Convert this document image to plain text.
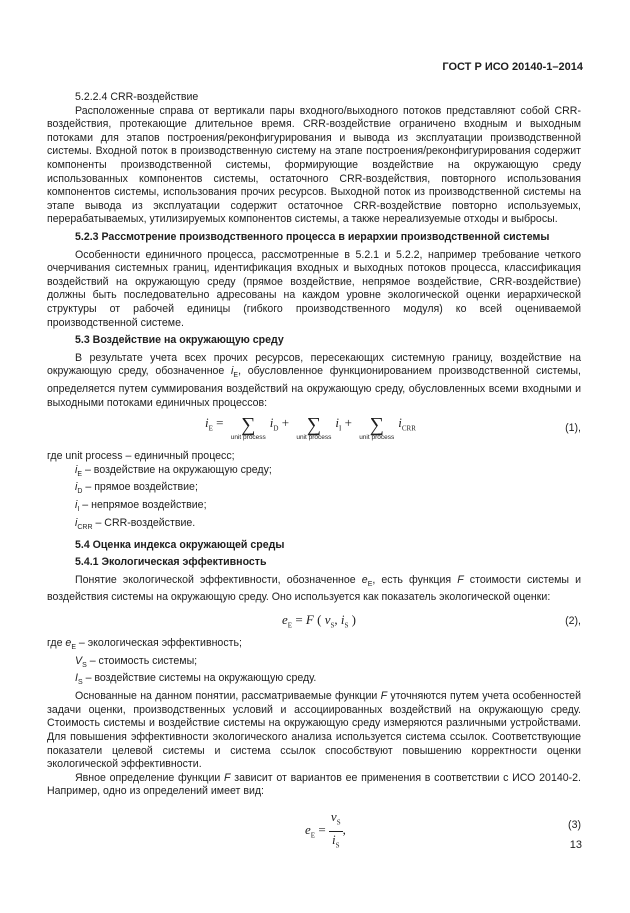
ГОСТ Р ИСО 20140-1–2014

5.2.2.4 CRR-воздействие

Расположенные справа от вертикали пары входного/выходного потоков представляют собой CRR-воздействия, протекающие длительное время. CRR-воздействие ограничено входным и выходным потоками для этапов построения/реконфигурирования и вывода из эксплуатации производственной системы. Входной поток в производственную систему на этапе построения/реконфигурирования содержит компоненты производственной системы, формирующие воздействие на окружающую среду использованных компонентов системы, остаточного CRR-воздействия, повторного использования компонентов системы, использования прочих ресурсов. Выходной поток из производственной системы на этапе вывода из эксплуатации содержит остаточное CRR-воздействие повторно используемых, перерабатываемых, утилизируемых компонентов системы, а также нереализуемые отходы и выбросы.

5.2.3 Рассмотрение производственного процесса в иерархии производственной системы

Особенности единичного процесса, рассмотренные в 5.2.1 и 5.2.2, например требование четкого очерчивания системных границ, идентификация входных и выходных потоков процесса, классификация воздействий на окружающую среду (прямое воздействие, непрямое воздействие, CRR-воздействие) должны быть последовательно адресованы на каждом уровне экологической оценки иерархической структуры от рабочей единицы (гибкого производственного модуля) ко всей оцениваемой производственной системе.

5.3 Воздействие на окружающую среду

В результате учета всех прочих ресурсов, пересекающих системную границу, воздействие на окружающую среду, обозначенное $i_E$, обусловленное функционированием производственной системы, определяется путем суммирования воздействий на окружающую среду, обусловленных всеми входными и выходными потоками единичных процессов:

$i_E$ = ∑
unit process
$i_D$ + ∑
unit process
$i_I$ + ∑
unit process
$i_{CRR}$	(1),

где unit process – единичный процесс;

$i_E$ – воздействие на окружающую среду;

$i_D$ – прямое воздействие;

$i_I$ – непрямое воздействие;

$i_{CRR}$ – CRR-воздействие.

5.4 Оценка индекса окружающей среды

5.4.1 Экологическая эффективность

Понятие экологической эффективности, обозначенное $e_E$, есть функция F стоимости системы и воздействия системы на окружающую среду. Оно используется как показатель экологической оценки:

$e_E = F$ ( $v_S$, $i_S$ )	(2),

где $e_E$ – экологическая эффективность;

$V_S$ – стоимость системы;

$I_S$ – воздействие системы на окружающую среду.

Основанные на данном понятии, рассматриваемые функции F уточняются путем учета особенностей задачи оценки, производственных условий и ассоциированных воздействий на окружающую среду. Стоимость системы и воздействие системы на окружающую среду измеряются различными устройствами. Для повышения эффективности экологического анализа используется система ссылок. Соответствующие показатели целевой системы и система ссылок способствуют повышению корректности оценки экологической эффективности.

Явное определение функции F зависит от вариантов ее применения в соответствии с ИСО 20140-2. Например, одно из определений имеет вид:

$e_E = \frac{v_S}{i_S}$ ,	(3)
13
